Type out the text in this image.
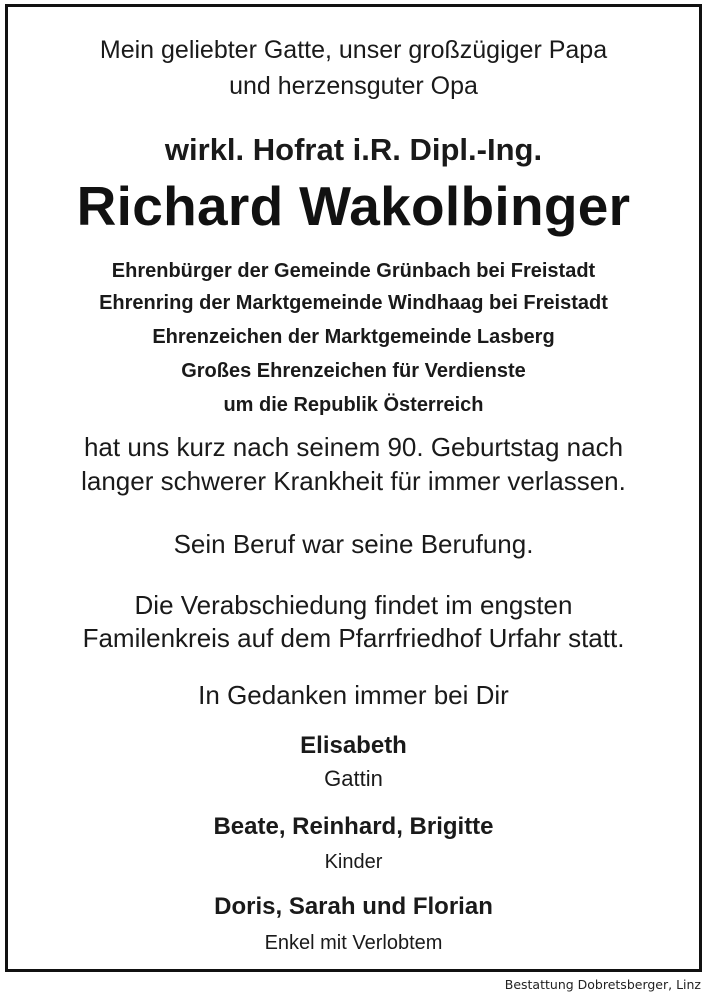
Mein geliebter Gatte, unser großzügiger Papa
und herzensguter Opa
wirkl. Hofrat i.R. Dipl.-Ing.
Richard Wakolbinger
Ehrenbürger der Gemeinde Grünbach bei Freistadt
Ehrenring der Marktgemeinde Windhaag bei Freistadt
Ehrenzeichen der Marktgemeinde Lasberg
Großes Ehrenzeichen für Verdienste
um die Republik Österreich
hat uns kurz nach seinem 90. Geburtstag nach
langer schwerer Krankheit für immer verlassen.
Sein Beruf war seine Berufung.
Die Verabschiedung findet im engsten
Familenkreis auf dem Pfarrfriedhof Urfahr statt.
In Gedanken immer bei Dir
Elisabeth
Gattin
Beate, Reinhard, Brigitte
Kinder
Doris, Sarah und Florian
Enkel mit Verlobtem
Bestattung Dobretsberger, Linz
